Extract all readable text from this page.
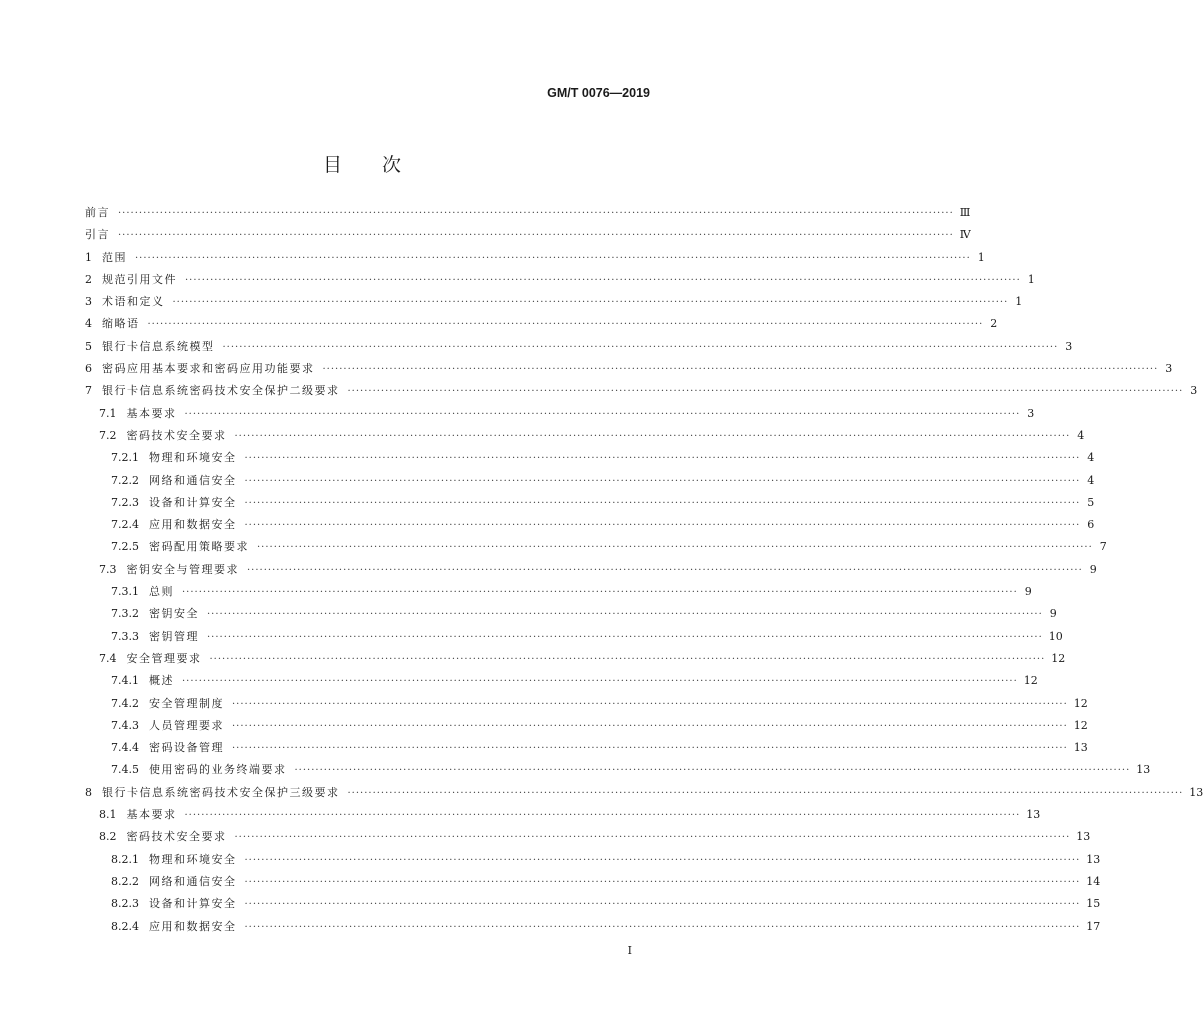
GM/T 0076—2019
目次
前言 ········································································································································································································ Ⅲ
引言 ········································································································································································································ Ⅳ
1 范围 ········································································································································································································ 1
2 规范引用文件 ········································································································································································································ 1
3 术语和定义 ········································································································································································································ 1
4 缩略语 ········································································································································································································ 2
5 银行卡信息系统模型 ········································································································································································································ 3
6 密码应用基本要求和密码应用功能要求 ········································································································································································································ 3
7 银行卡信息系统密码技术安全保护二级要求 ········································································································································································································ 3
7.1 基本要求 ········································································································································································································ 3
7.2 密码技术安全要求 ········································································································································································································ 4
7.2.1 物理和环境安全 ········································································································································································································ 4
7.2.2 网络和通信安全 ········································································································································································································ 4
7.2.3 设备和计算安全 ········································································································································································································ 5
7.2.4 应用和数据安全 ········································································································································································································ 6
7.2.5 密码配用策略要求 ········································································································································································································ 7
7.3 密钥安全与管理要求 ········································································································································································································ 9
7.3.1 总则 ········································································································································································································ 9
7.3.2 密钥安全 ········································································································································································································ 9
7.3.3 密钥管理 ········································································································································································································ 10
7.4 安全管理要求 ········································································································································································································ 12
7.4.1 概述 ········································································································································································································ 12
7.4.2 安全管理制度 ········································································································································································································ 12
7.4.3 人员管理要求 ········································································································································································································ 12
7.4.4 密码设备管理 ········································································································································································································ 13
7.4.5 使用密码的业务终端要求 ········································································································································································································ 13
8 银行卡信息系统密码技术安全保护三级要求 ········································································································································································································ 13
8.1 基本要求 ········································································································································································································ 13
8.2 密码技术安全要求 ········································································································································································································ 13
8.2.1 物理和环境安全 ········································································································································································································ 13
8.2.2 网络和通信安全 ········································································································································································································ 14
8.2.3 设备和计算安全 ········································································································································································································ 15
8.2.4 应用和数据安全 ········································································································································································································ 17
I
